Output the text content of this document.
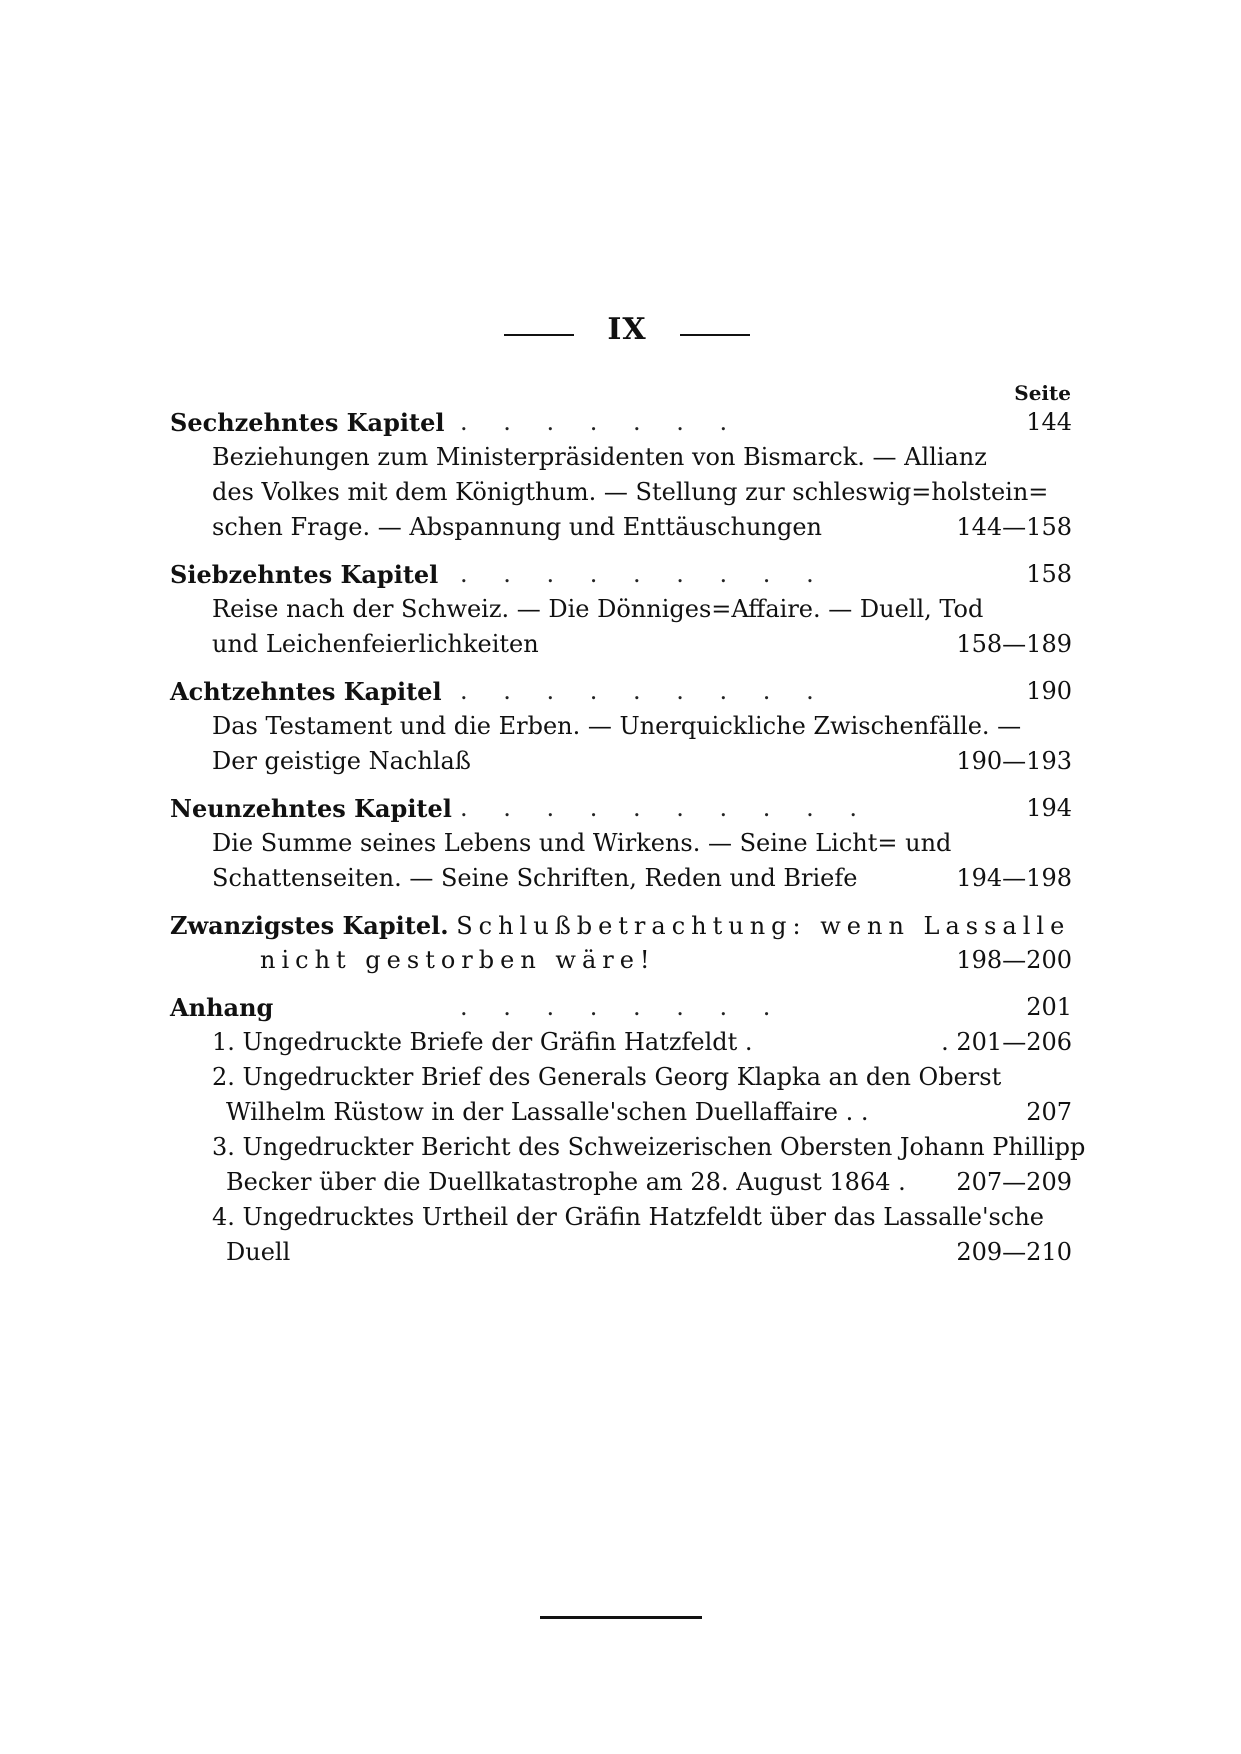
IX
Seite
Sechzehntes Kapitel . . . . . . .	144
Beziehungen zum Ministerpräsidenten von Bismarck. — Allianz
des Volkes mit dem Königthum. — Stellung zur schleswig=holstein=
schen Frage. — Abspannung und Enttäuschungen	144—158
Siebzehntes Kapitel . . . . . . . . .	158
Reise nach der Schweiz. — Die Dönniges=Affaire. — Duell, Tod
und Leichenfeierlichkeiten	158—189
Achtzehntes Kapitel . . . . . . . . .	190
Das Testament und die Erben. — Unerquickliche Zwischenfälle. —
Der geistige Nachlaß	190—193
Neunzehntes Kapitel . . . . . . . . . .	194
Die Summe seines Lebens und Wirkens. — Seine Licht= und
Schattenseiten. — Seine Schriften, Reden und Briefe	194—198
Zwanzigstes Kapitel. Schlußbetrachtung: wenn Lassalle
nicht gestorben wäre!	198—200
Anhang	. . . . . . . .	201
1. Ungedruckte Briefe der Gräfin Hatzfeldt .	. 201—206
2. Ungedruckter Brief des Generals Georg Klapka an den Oberst
Wilhelm Rüstow in der Lassalle'schen Duellaffaire . .	207
3. Ungedruckter Bericht des Schweizerischen Obersten Johann Phillipp
Becker über die Duellkatastrophe am 28. August 1864 . 207—209
4. Ungedrucktes Urtheil der Gräfin Hatzfeldt über das Lassalle'sche
Duell	209—210
